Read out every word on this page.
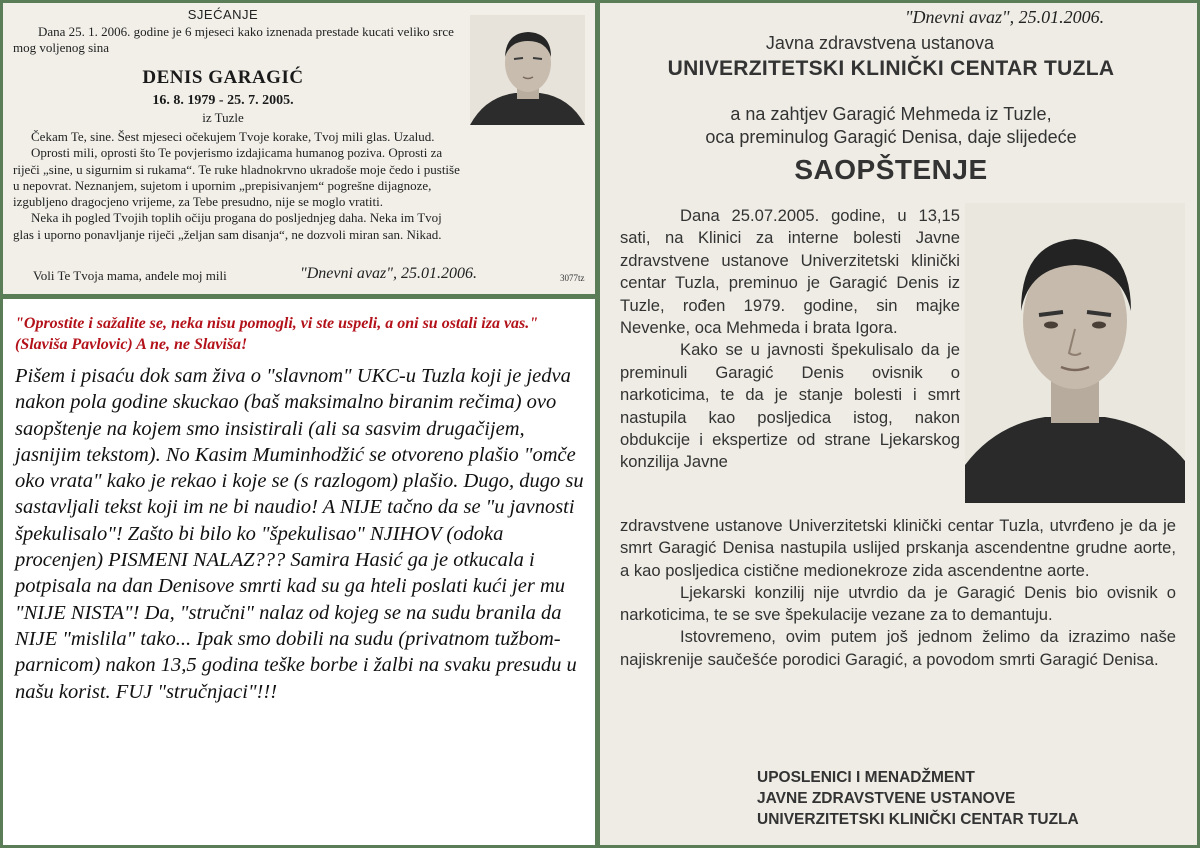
SJEĆANJE
Dana 25. 1. 2006. godine je 6 mjeseci kako iznenada prestade kucati veliko srce mog voljenog sina
DENIS GARAGIĆ
16. 8. 1979 - 25. 7. 2005.
iz Tuzle

Čekam Te, sine. Šest mjeseci očekujem Tvoje korake, Tvoj mili glas. Uzalud.

Oprosti mili, oprosti što Te povjerismo izdajicama humanog poziva. Oprosti za riječi „sine, u sigurnim si rukama“. Te ruke hladnokrvno ukradoše moje čedo i pustiše u nepovrat. Neznanjem, sujetom i upornim „prepisivanjem“ pogrešne dijagnoze, izgubljeno dragocjeno vrijeme, za Tebe presudno, nije se moglo vratiti.

Neka ih pogled Tvojih toplih očiju progana do posljednjeg daha. Neka im Tvoj glas i uporno ponavljanje riječi „željan sam disanja“, ne dozvoli miran san. Nikad.

Voli Te Tvoja mama, anđele moj mili	"Dnevni avaz", 25.01.2006.	3077tz
"Oprostite i sažalite se, neka nisu pomogli, vi ste uspeli, a oni su ostali iza vas." (Slaviša Pavlovic) A ne, ne Slaviša!
Pišem i pisaću dok sam živa o "slavnom" UKC-u Tuzla koji je jedva nakon pola godine skuckao (baš maksimalno biranim rečima) ovo saopštenje na kojem smo insistirali (ali sa sasvim drugačijem, jasnijim tekstom). No Kasim Muminhodžić se otvoreno plašio "omče oko vrata" kako je rekao i koje se (s razlogom) plašio. Dugo, dugo su sastavljali tekst koji im ne bi naudio! A NIJE tačno da se "u javnosti špekulisalo"! Zašto bi bilo ko "špekulisao" NJIHOV (odoka procenjen) PISMENI NALAZ??? Samira Hasić ga je otkucala i potpisala na dan Denisove smrti kad su ga hteli poslati kući jer mu "NIJE NISTA"! Da, "stručni" nalaz od kojeg se na sudu branila da NIJE "mislila" tako... Ipak smo dobili na sudu (privatnom tužbom-parnicom) nakon 13,5 godina teške borbe i žalbi na svaku presudu u našu korist. FUJ "stručnjaci"!!!
"Dnevni avaz", 25.01.2006.
Javna zdravstvena ustanova
UNIVERZITETSKI KLINIČKI CENTAR TUZLA
a na zahtjev Garagić Mehmeda iz Tuzle,
oca preminulog Garagić Denisa, daje slijedeće
SAOPŠTENJE

Dana 25.07.2005. godine, u 13,15 sati, na Klinici za interne bolesti Javne zdravstvene ustanove Univerzitetski klinički centar Tuzla, preminuo je Garagić Denis iz Tuzle, rođen 1979. godine, sin majke Nevenke, oca Mehmeda i brata Igora.

Kako se u javnosti špekulisalo da je preminuli Garagić Denis ovisnik o narkoticima, te da je stanje bolesti i smrt nastupila kao posljedica istog, nakon obdukcije i ekspertize od strane Ljekarskog konzilija Javne

zdravstvene ustanove Univerzitetski klinički centar Tuzla, utvrđeno je da je smrt Garagić Denisa nastupila uslijed prskanja ascendentne grudne aorte, a kao posljedica cistične medionekroze zida ascendentne aorte.

Ljekarski konzilij nije utvrdio da je Garagić Denis bio ovisnik o narkoticima, te se sve špekulacije vezane za to demantuju.

Istovremeno, ovim putem još jednom želimo da izrazimo naše najiskrenije saučešće porodici Garagić, a povodom smrti Garagić Denisa.

UPOSLENICI I MENADŽMENT
JAVNE ZDRAVSTVENE USTANOVE
UNIVERZITETSKI KLINIČKI CENTAR TUZLA
